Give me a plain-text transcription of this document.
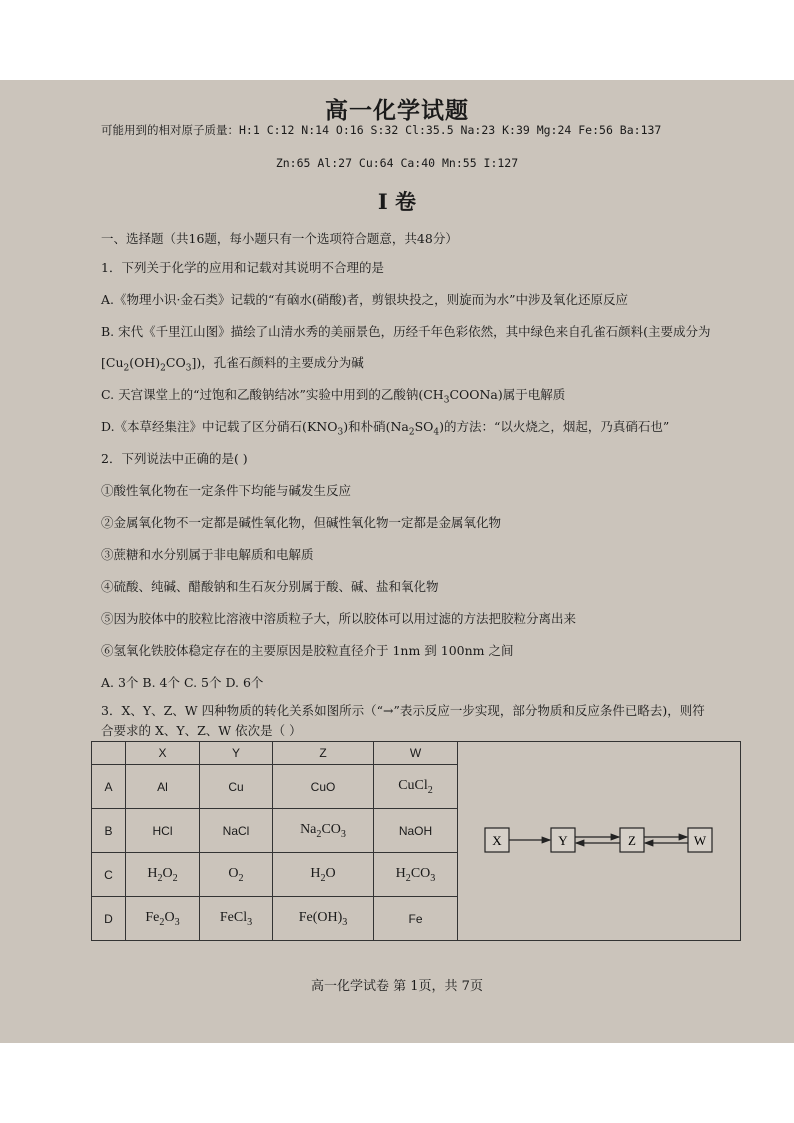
高一化学试题
可能用到的相对原子质量：H:1 C:12 N:14 O:16 S:32 Cl:35.5 Na:23 K:39 Mg:24 Fe:56 Ba:137
Zn:65 Al:27 Cu:64 Ca:40 Mn:55 I:127
I 卷
一、选择题（共16题，每小题只有一个选项符合题意，共48分）
1．下列关于化学的应用和记载对其说明不合理的是
A.《物理小识·金石类》记载的“有硇水(硝酸)者，剪银块投之，则旋而为水”中涉及氧化还原反应
B. 宋代《千里江山图》描绘了山清水秀的美丽景色，历经千年色彩依然，其中绿色来自孔雀石颜料(主要成分为
$[Cu_2(OH)_2CO_3]$)，孔雀石颜料的主要成分为碱
C. 天宫课堂上的“过饱和乙酸钠结冰”实验中用到的乙酸钠$(CH_3COONa)$属于电解质
D.《本草经集注》中记载了区分硝石$(KNO_3)$和朴硝$(Na_2SO_4)$的方法：“以火烧之，烟起，乃真硝石也”
2．下列说法中正确的是( )
①酸性氧化物在一定条件下均能与碱发生反应
②金属氧化物不一定都是碱性氧化物，但碱性氧化物一定都是金属氧化物
③蔗糖和水分别属于非电解质和电解质
④硫酸、纯碱、醋酸钠和生石灰分别属于酸、碱、盐和氧化物
⑤因为胶体中的胶粒比溶液中溶质粒子大，所以胶体可以用过滤的方法把胶粒分离出来
⑥氢氧化铁胶体稳定存在的主要原因是胶粒直径介于 1nm 到 100nm 之间
A. 3个 B. 4个 C. 5个 D. 6个
3．X、Y、Z、W 四种物质的转化关系如图所示（“→”表示反应一步实现，部分物质和反应条件已略去)，则符
合要求的 X、Y、Z、W 依次是（ ）
	X	Y	Z	W	X Y Z W

A	Al	Cu	CuO	CuCl$_2$
B	HCl	NaCl	$Na_2CO_3$	NaOH	
C	$H_2O_2$	$O_2$	$H_2O$	$H_2CO_3$
D	$Fe_2O_3$	FeCl$_3$	$Fe(OH)_3$	Fe	
高一化学试卷 第 1页，共 7页
